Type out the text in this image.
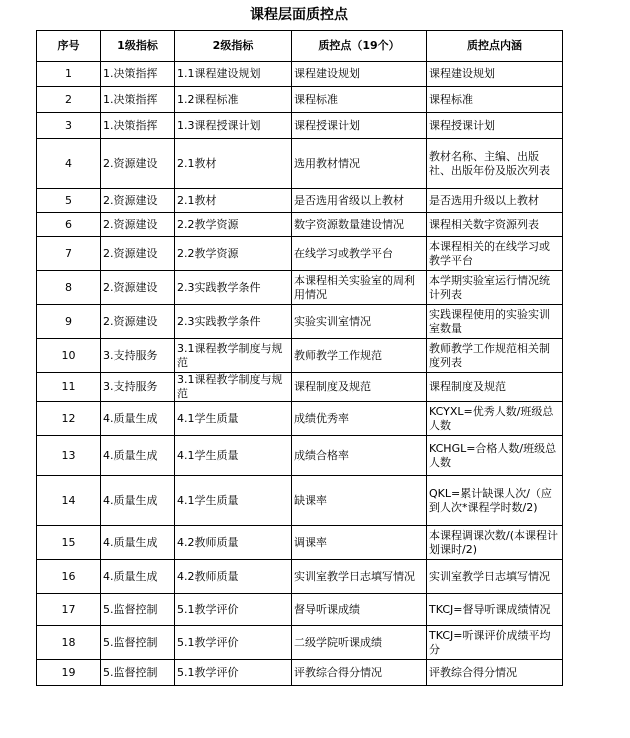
课程层面质控点
序号	1级指标	2级指标	质控点（19个）	质控点内涵
1	1.决策指挥	1.1课程建设规划	课程建设规划	课程建设规划
2	1.决策指挥	1.2课程标准	课程标准	课程标准
3	1.决策指挥	1.3课程授课计划	课程授课计划	课程授课计划
4	2.资源建设	2.1教材	选用教材情况	教材名称、主编、出版社、出版年份及版次列表
5	2.资源建设	2.1教材	是否选用省级以上教材	是否选用升级以上教材
6	2.资源建设	2.2教学资源	数字资源数量建设情况	课程相关数字资源列表
7	2.资源建设	2.2教学资源	在线学习或教学平台	本课程相关的在线学习或教学平台
8	2.资源建设	2.3实践教学条件	本课程相关实验室的周利用情况	本学期实验室运行情况统计列表
9	2.资源建设	2.3实践教学条件	实验实训室情况	实践课程使用的实验实训室数量
10	3.支持服务	3.1课程教学制度与规范	教师教学工作规范	教师教学工作规范相关制度列表
11	3.支持服务	3.1课程教学制度与规范	课程制度及规范	课程制度及规范
12	4.质量生成	4.1学生质量	成绩优秀率	KCYXL=优秀人数/班级总人数
13	4.质量生成	4.1学生质量	成绩合格率	KCHGL=合格人数/班级总人数
14	4.质量生成	4.1学生质量	缺课率	QKL=累计缺课人次/（应到人次*课程学时数/2)
15	4.质量生成	4.2教师质量	调课率	本课程调课次数/(本课程计划课时/2)
16	4.质量生成	4.2教师质量	实训室教学日志填写情况	实训室教学日志填写情况
17	5.监督控制	5.1教学评价	督导听课成绩	TKCJ=督导听课成绩情况
18	5.监督控制	5.1教学评价	二级学院听课成绩	TKCJ=听课评价成绩平均分
19	5.监督控制	5.1教学评价	评教综合得分情况	评教综合得分情况
